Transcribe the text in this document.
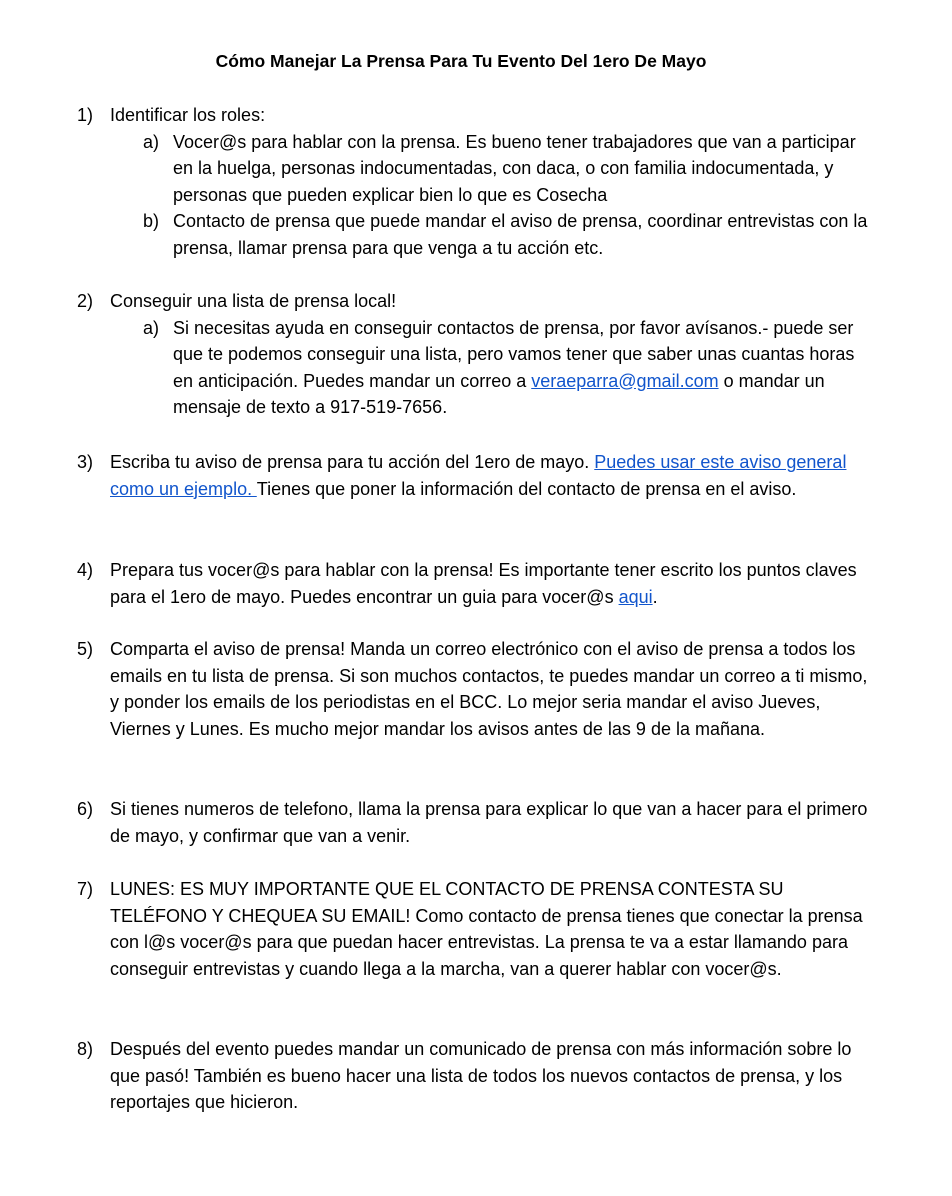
Cómo Manejar La Prensa Para Tu Evento Del 1ero De Mayo
1) Identificar los roles:
a) Vocer@s para hablar con la prensa. Es bueno tener trabajadores que van a participar en la huelga, personas indocumentadas, con daca, o con familia indocumentada, y personas que pueden explicar bien lo que es Cosecha
b) Contacto de prensa que puede mandar el aviso de prensa, coordinar entrevistas con la prensa, llamar prensa para que venga a tu acción etc.
2) Conseguir una lista de prensa local!
a) Si necesitas ayuda en conseguir contactos de prensa, por favor avísanos.- puede ser que te podemos conseguir una lista, pero vamos tener que saber unas cuantas horas en anticipación. Puedes mandar un correo a veraeparra@gmail.com o mandar un mensaje de texto a 917-519-7656.
3) Escriba tu aviso de prensa para tu acción del 1ero de mayo. Puedes usar este aviso general como un ejemplo. Tienes que poner la información del contacto de prensa en el aviso.
4) Prepara tus vocer@s para hablar con la prensa! Es importante tener escrito los puntos claves para el 1ero de mayo. Puedes encontrar un guia para vocer@s aqui.
5) Comparta el aviso de prensa! Manda un correo electrónico con el aviso de prensa a todos los emails en tu lista de prensa. Si son muchos contactos, te puedes mandar un correo a ti mismo, y ponder los emails de los periodistas en el BCC. Lo mejor seria mandar el aviso Jueves, Viernes y Lunes. Es mucho mejor mandar los avisos antes de las 9 de la mañana.
6) Si tienes numeros de telefono, llama la prensa para explicar lo que van a hacer para el primero de mayo, y confirmar que van a venir.
7) LUNES: ES MUY IMPORTANTE QUE EL CONTACTO DE PRENSA CONTESTA SU TELÉFONO Y CHEQUEA SU EMAIL! Como contacto de prensa tienes que conectar la prensa con l@s vocer@s para que puedan hacer entrevistas. La prensa te va a estar llamando para conseguir entrevistas y cuando llega a la marcha, van a querer hablar con vocer@s.
8) Después del evento puedes mandar un comunicado de prensa con más información sobre lo que pasó! También es bueno hacer una lista de todos los nuevos contactos de prensa, y los reportajes que hicieron.
